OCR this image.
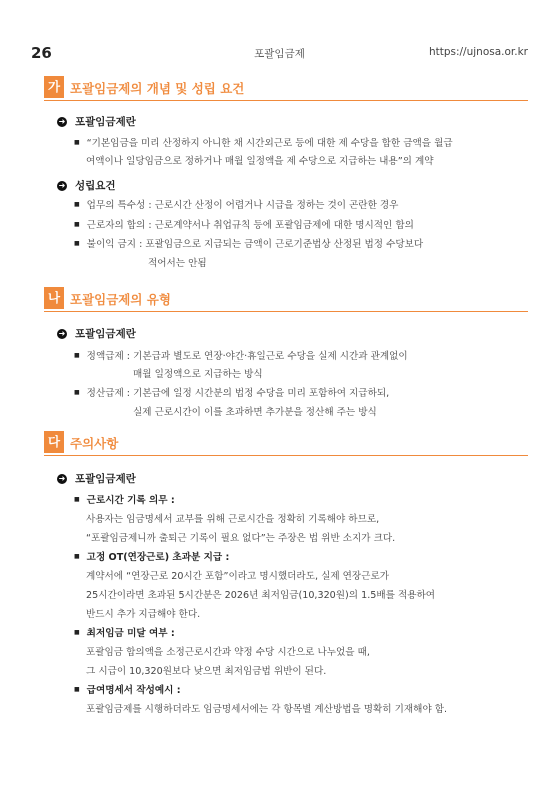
26	포괄임금제	https://ujnosa.or.kr
가 포괄임금제의 개념 및 성립 요건
➜ 포괄임금제란
■ “기본임금을 미리 산정하지 아니한 채 시간외근로 등에 대한 제 수당을 합한 금액을 월급
여액이나 일당임금으로 정하거나 매월 일정액을 제 수당으로 지급하는 내용”의 계약
➜ 성립요건
■ 업무의 특수성 : 근로시간 산정이 어렵거나 시급을 정하는 것이 곤란한 경우
■ 근로자의 합의 : 근로계약서나 취업규칙 등에 포괄임금제에 대한 명시적인 합의
■ 불이익 금지 : 포괄임금으로 지급되는 금액이 근로기준법상 산정된 법정 수당보다
적어서는 안됨
나 포괄임금제의 유형
➜ 포괄임금제란
■ 정액급제 : 기본급과 별도로 연장·야간·휴일근로 수당을 실제 시간과 관계없이
매월 일정액으로 지급하는 방식
■ 정산급제 : 기본급에 일정 시간분의 법정 수당을 미리 포함하여 지급하되,
실제 근로시간이 이를 초과하면 추가분을 정산해 주는 방식
다 주의사항
➜ 포괄임금제란
■ 근로시간 기록 의무 :
사용자는 임금명세서 교부를 위해 근로시간을 정확히 기록해야 하므로,
“포괄임금제니까 출퇴근 기록이 필요 없다”는 주장은 법 위반 소지가 크다.
■ 고정 OT(연장근로) 초과분 지급 :
계약서에 “연장근로 20시간 포함”이라고 명시했더라도, 실제 연장근로가
25시간이라면 초과된 5시간분은 2026년 최저임금(10,320원)의 1.5배를 적용하여
반드시 추가 지급해야 한다.
■ 최저임금 미달 여부 :
포괄임금 합의액을 소정근로시간과 약정 수당 시간으로 나누었을 때,
그 시급이 10,320원보다 낮으면 최저임금법 위반이 된다.
■ 급여명세서 작성예시 :
포괄임금제를 시행하더라도 임금명세서에는 각 항목별 계산방법을 명확히 기재해야 함.
